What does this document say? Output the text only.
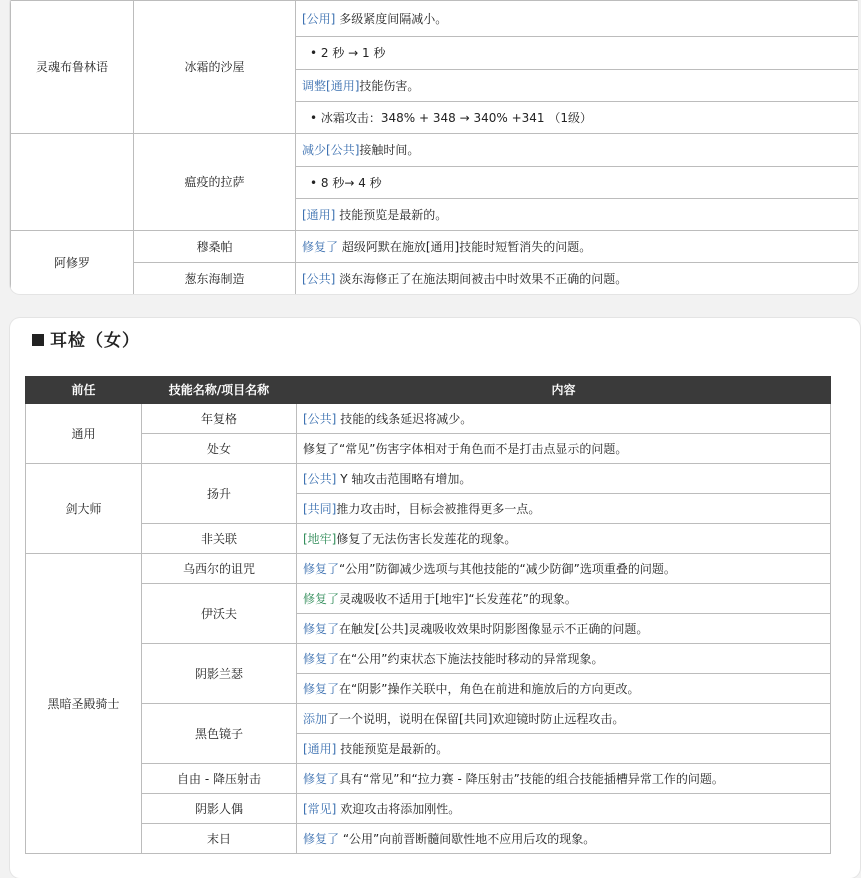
灵魂布鲁林语	冰霜的沙屋	[公用] 多级紧度间隔减小。
		• 2 秒 → 1 秒
		调整[通用]技能伤害。
		• 冰霜攻击：348% + 348 → 340% +341 （1级）
	瘟疫的拉萨	减少[公共]接触时间。
		• 8 秒→ 4 秒
		[通用] 技能预览是最新的。
阿修罗	穆桑帕	修复了 超级阿默在施放[通用]技能时短暂消失的问题。
	葱东海制造	[公共] 淡东海修正了在施法期间被击中时效果不正确的问题。
耳检（女）
前任	技能名称/项目名称	内容
通用	年复格	[公共] 技能的线条延迟将减少。
	处女	修复了“常见”伤害字体相对于角色而不是打击点显示的问题。
剑大师	扬升	[公共] Y 轴攻击范围略有增加。
		[共同]推力攻击时，目标会被推得更多一点。
	非关联	[地牢]修复了无法伤害长发莲花的现象。
黑暗圣殿骑士	乌西尔的诅咒	修复了“公用”防御减少选项与其他技能的“减少防御”选项重叠的问题。
	伊沃夫	修复了灵魂吸收不适用于[地牢]“长发莲花”的现象。
		修复了在触发[公共]灵魂吸收效果时阴影图像显示不正确的问题。
	阴影兰瑟	修复了在“公用”约束状态下施法技能时移动的异常现象。
		修复了在“阴影”操作关联中，角色在前进和施放后的方向更改。
	黑色镜子	添加了一个说明，说明在保留[共同]欢迎镜时防止远程攻击。
		[通用] 技能预览是最新的。
	自由 - 降压射击	修复了具有“常见”和“拉力赛 - 降压射击”技能的组合技能插槽异常工作的问题。
	阴影人偶	[常见] 欢迎攻击将添加刚性。
	末日	修复了 “公用”向前晋断髓间歇性地不应用后攻的现象。
